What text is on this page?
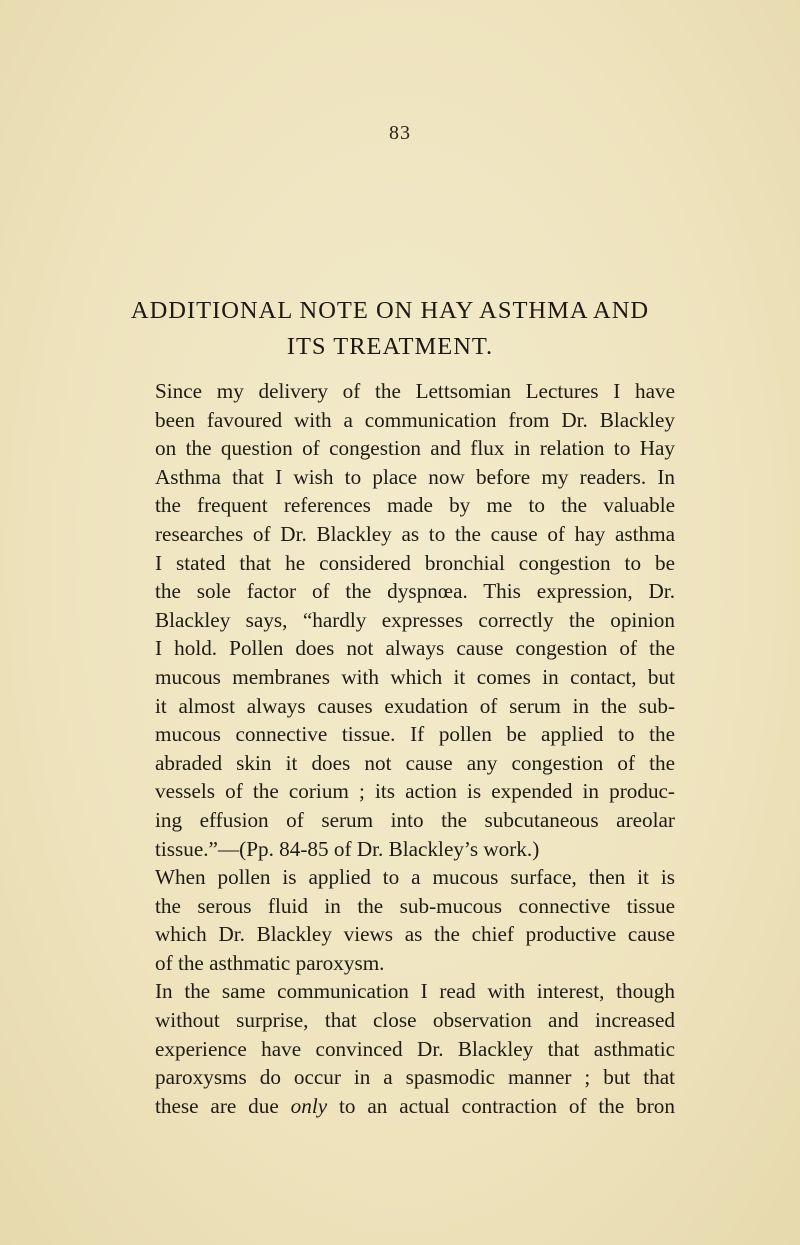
83
ADDITIONAL NOTE ON HAY ASTHMA AND
ITS TREATMENT.
Since my delivery of the Lettsomian Lectures I have
been favoured with a communication from Dr. Blackley
on the question of congestion and flux in relation to Hay
Asthma that I wish to place now before my readers. In
the frequent references made by me to the valuable
researches of Dr. Blackley as to the cause of hay asthma
I stated that he considered bronchial congestion to be
the sole factor of the dyspnœa. This expression, Dr.
Blackley says, “hardly expresses correctly the opinion
I hold. Pollen does not always cause congestion of the
mucous membranes with which it comes in contact, but
it almost always causes exudation of serum in the sub-
mucous connective tissue. If pollen be applied to the
abraded skin it does not cause any congestion of the
vessels of the corium ; its action is expended in produc-
ing effusion of serum into the subcutaneous areolar
tissue.”—(Pp. 84-85 of Dr. Blackley’s work.)
When pollen is applied to a mucous surface, then it is
the serous fluid in the sub-mucous connective tissue
which Dr. Blackley views as the chief productive cause
of the asthmatic paroxysm.
In the same communication I read with interest, though
without surprise, that close observation and increased
experience have convinced Dr. Blackley that asthmatic
paroxysms do occur in a spasmodic manner ; but that
these are due only to an actual contraction of the bron
